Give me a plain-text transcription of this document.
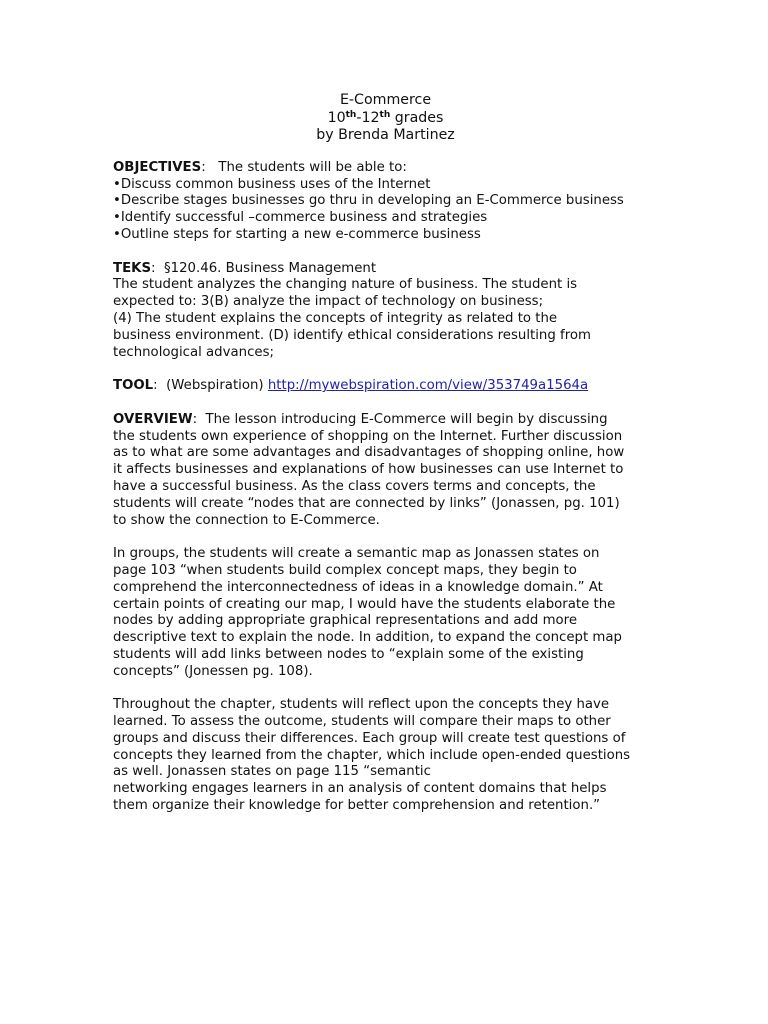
E-Commerce
10th-12th grades
by Brenda Martinez

OBJECTIVES:   The students will be able to:

•Discuss common business uses of the Internet

•Describe stages businesses go thru in developing an E-Commerce business

•Identify successful –commerce business and strategies

•Outline steps for starting a new e-commerce business

TEKS:  §120.46. Business Management

The student analyzes the changing nature of business. The student is

expected to: 3(B) analyze the impact of technology on business;

(4) The student explains the concepts of integrity as related to the

business environment. (D) identify ethical considerations resulting from

technological advances;

TOOL:  (Webspiration) http://mywebspiration.com/view/353749a1564a

OVERVIEW:  The lesson introducing E-Commerce will begin by discussing

the students own experience of shopping on the Internet. Further discussion

as to what are some advantages and disadvantages of shopping online, how

it affects businesses and explanations of how businesses can use Internet to

have a successful business. As the class covers terms and concepts, the

students will create “nodes that are connected by links” (Jonassen, pg. 101)

to show the connection to E-Commerce.

In groups, the students will create a semantic map as Jonassen states on

page 103 “when students build complex concept maps, they begin to

comprehend the interconnectedness of ideas in a knowledge domain.” At

certain points of creating our map, I would have the students elaborate the

nodes by adding appropriate graphical representations and add more

descriptive text to explain the node. In addition, to expand the concept map

students will add links between nodes to “explain some of the existing

concepts” (Jonessen pg. 108).

Throughout the chapter, students will reflect upon the concepts they have

learned. To assess the outcome, students will compare their maps to other

groups and discuss their differences. Each group will create test questions of

concepts they learned from the chapter, which include open-ended questions

as well. Jonassen states on page 115 “semantic

networking engages learners in an analysis of content domains that helps

them organize their knowledge for better comprehension and retention.”
